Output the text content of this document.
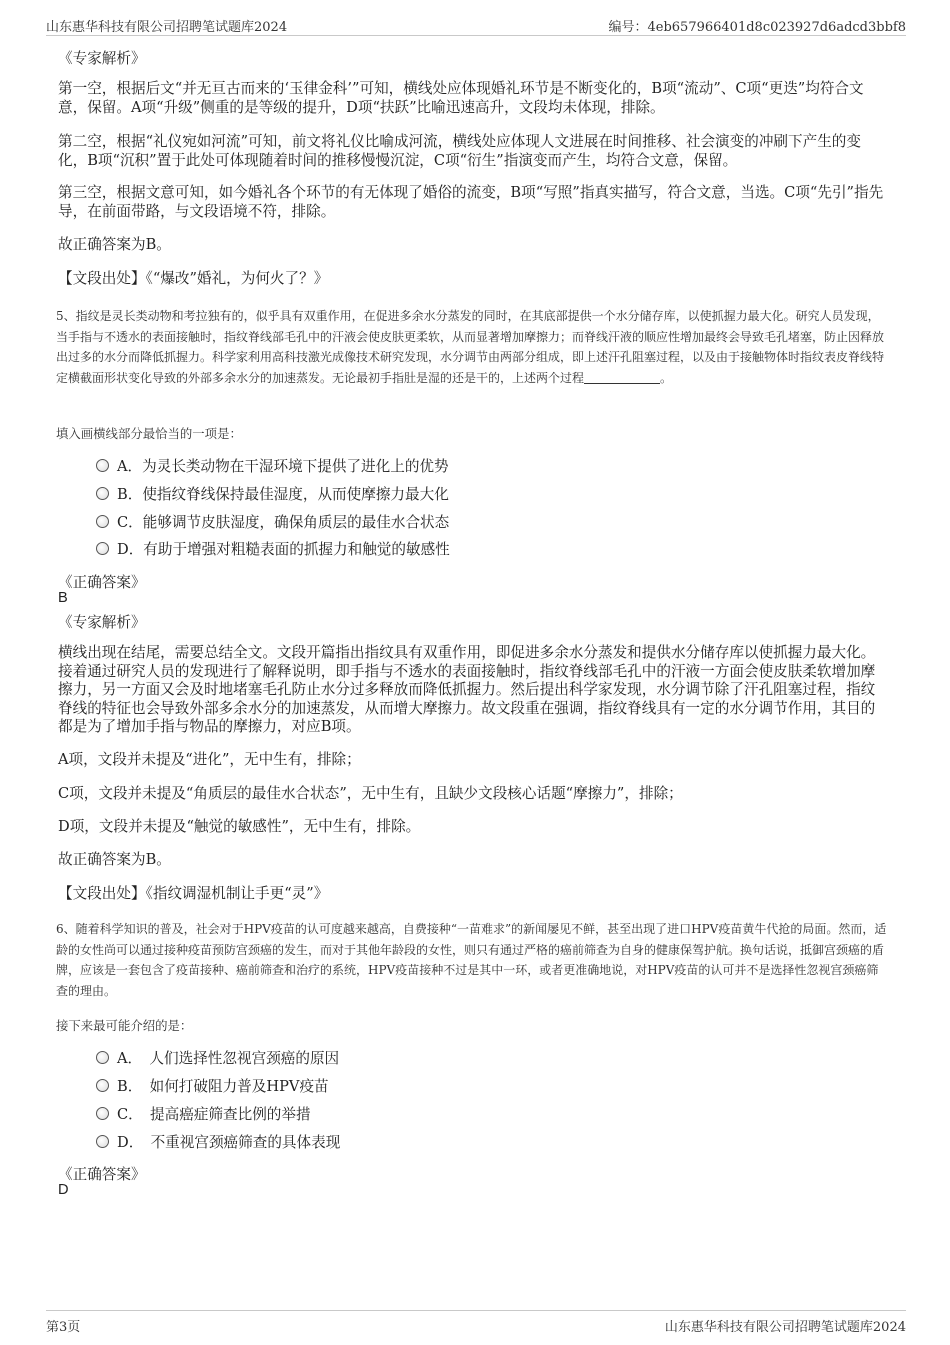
山东惠华科技有限公司招聘笔试题库2024	编号：4eb657966401d8c023927d6adcd3bbf8
《专家解析》
第一空，根据后文“并无亘古而来的‘玉律金科’”可知，横线处应体现婚礼环节是不断变化的，B项“流动”、C项“更迭”均符合文意，保留。A项“升级”侧重的是等级的提升，D项“扶跃”比喻迅速高升，文段均未体现，排除。
第二空，根据“礼仪宛如河流”可知，前文将礼仪比喻成河流，横线处应体现人文进展在时间推移、社会演变的冲刷下产生的变化，B项“沉积”置于此处可体现随着时间的推移慢慢沉淀，C项“衍生”指演变而产生，均符合文意，保留。
第三空，根据文意可知，如今婚礼各个环节的有无体现了婚俗的流变，B项“写照”指真实描写，符合文意，当选。C项“先引”指先导，在前面带路，与文段语境不符，排除。
故正确答案为B。
【文段出处】《“爆改”婚礼，为何火了？》
5、指纹是灵长类动物和考拉独有的，似乎具有双重作用，在促进多余水分蒸发的同时，在其底部提供一个水分储存库，以使抓握力最大化。研究人员发现，当手指与不透水的表面接触时，指纹脊线部毛孔中的汗液会使皮肤更柔软，从而显著增加摩擦力；而脊线汗液的顺应性增加最终会导致毛孔堵塞，防止因释放出过多的水分而降低抓握力。科学家利用高科技激光成像技术研究发现，水分调节由两部分组成，即上述汗孔阻塞过程，以及由于接触物体时指纹表皮脊线特定横截面形状变化导致的外部多余水分的加速蒸发。无论最初手指肚是湿的还是干的，上述两个过程	。
填入画横线部分最恰当的一项是：
A．为灵长类动物在干湿环境下提供了进化上的优势
B．使指纹脊线保持最佳湿度，从而使摩擦力最大化
C．能够调节皮肤湿度，确保角质层的最佳水合状态
D．有助于增强对粗糙表面的抓握力和触觉的敏感性
《正确答案》
B
《专家解析》
横线出现在结尾，需要总结全文。文段开篇指出指纹具有双重作用，即促进多余水分蒸发和提供水分储存库以使抓握力最大化。接着通过研究人员的发现进行了解释说明，即手指与不透水的表面接触时，指纹脊线部毛孔中的汗液一方面会使皮肤柔软增加摩擦力，另一方面又会及时地堵塞毛孔防止水分过多释放而降低抓握力。然后提出科学家发现，水分调节除了汗孔阻塞过程，指纹脊线的特征也会导致外部多余水分的加速蒸发，从而增大摩擦力。故文段重在强调，指纹脊线具有一定的水分调节作用，其目的都是为了增加手指与物品的摩擦力，对应B项。
A项，文段并未提及“进化”，无中生有，排除；
C项，文段并未提及“角质层的最佳水合状态”，无中生有，且缺少文段核心话题“摩擦力”，排除；
D项，文段并未提及“触觉的敏感性”，无中生有，排除。
故正确答案为B。
【文段出处】《指纹调湿机制让手更“灵”》
6、随着科学知识的普及，社会对于HPV疫苗的认可度越来越高，自费接种“一苗难求”的新闻屡见不鲜，甚至出现了进口HPV疫苗黄牛代抢的局面。然而，适龄的女性尚可以通过接种疫苗预防宫颈癌的发生，而对于其他年龄段的女性，则只有通过严格的癌前筛查为自身的健康保驾护航。换句话说，抵御宫颈癌的盾牌，应该是一套包含了疫苗接种、癌前筛查和治疗的系统，HPV疫苗接种不过是其中一环，或者更准确地说，对HPV疫苗的认可并不是选择性忽视宫颈癌筛查的理由。
接下来最可能介绍的是：
A．　人们选择性忽视宫颈癌的原因
B．　如何打破阻力普及HPV疫苗
C．　提高癌症筛查比例的举措
D．　不重视宫颈癌筛查的具体表现
《正确答案》
D
第3页	山东惠华科技有限公司招聘笔试题库2024
